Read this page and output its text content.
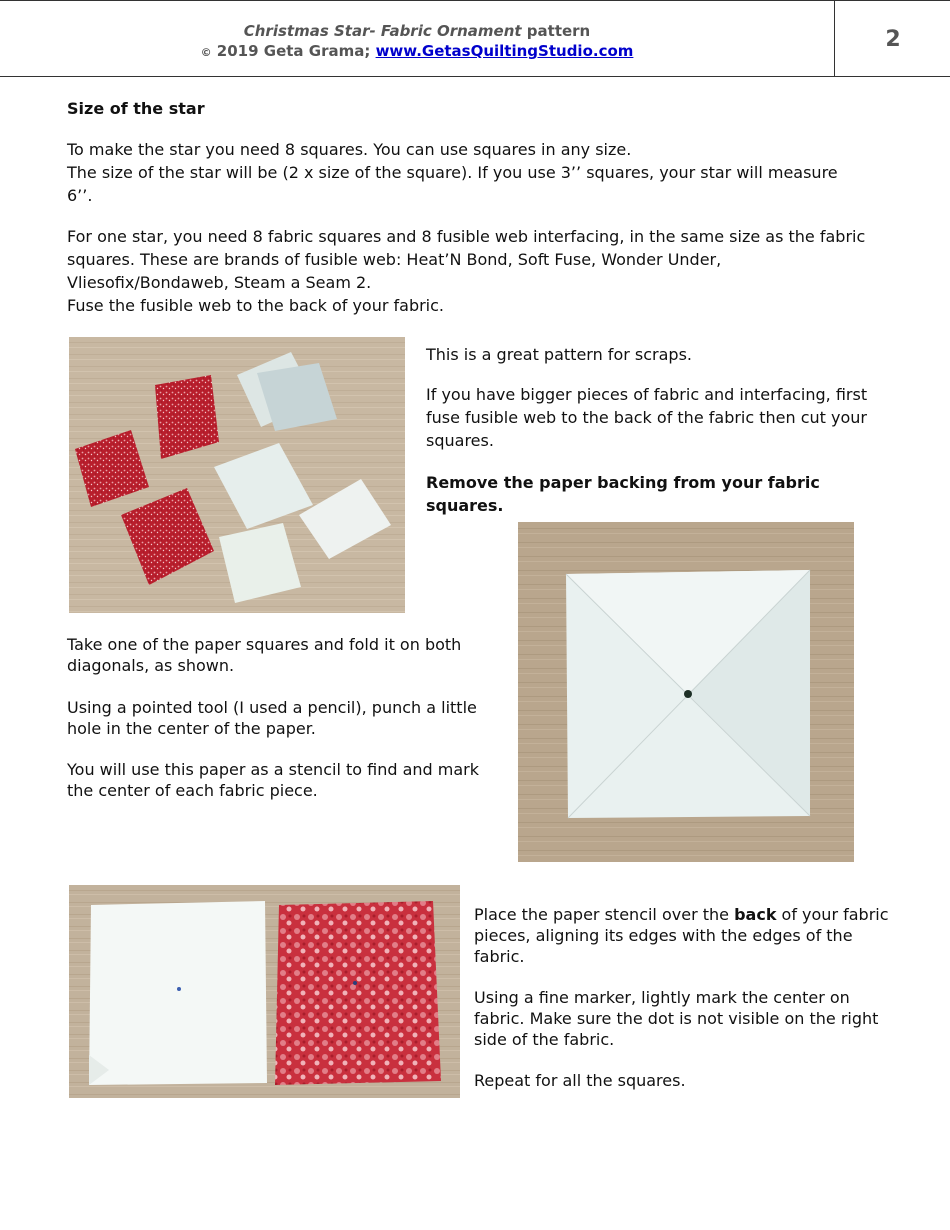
Christmas Star- Fabric Ornament pattern
© 2019 Geta Grama; www.GetasQuiltingStudio.com	2

Size of the star

To make the star you need 8 squares. You can use squares in any size.
The size of the star will be (2 x size of the square). If you use 3’’ squares, your star will measure 6’’.

For one star, you need 8 fabric squares and 8 fusible web interfacing, in the same size as the fabric squares. These are brands of fusible web: Heat’N Bond, Soft Fuse, Wonder Under, Vliesofix/Bondaweb, Steam a Seam 2.
Fuse the fusible web to the back of your fabric.

This is a great pattern for scraps.

If you have bigger pieces of fabric and interfacing, first fuse fusible web to the back of the fabric then cut your squares.

Remove the paper backing from your fabric squares.

Take one of the paper squares and fold it on both diagonals, as shown.

Using a pointed tool (I used a pencil), punch a little hole in the center of the paper.

You will use this paper as a stencil to find and mark the center of each fabric piece.

Place the paper stencil over the back of your fabric pieces, aligning its edges with the edges of the fabric.

Using a fine marker, lightly mark the center on fabric. Make sure the dot is not visible on the right side of the fabric.

Repeat for all the squares.
